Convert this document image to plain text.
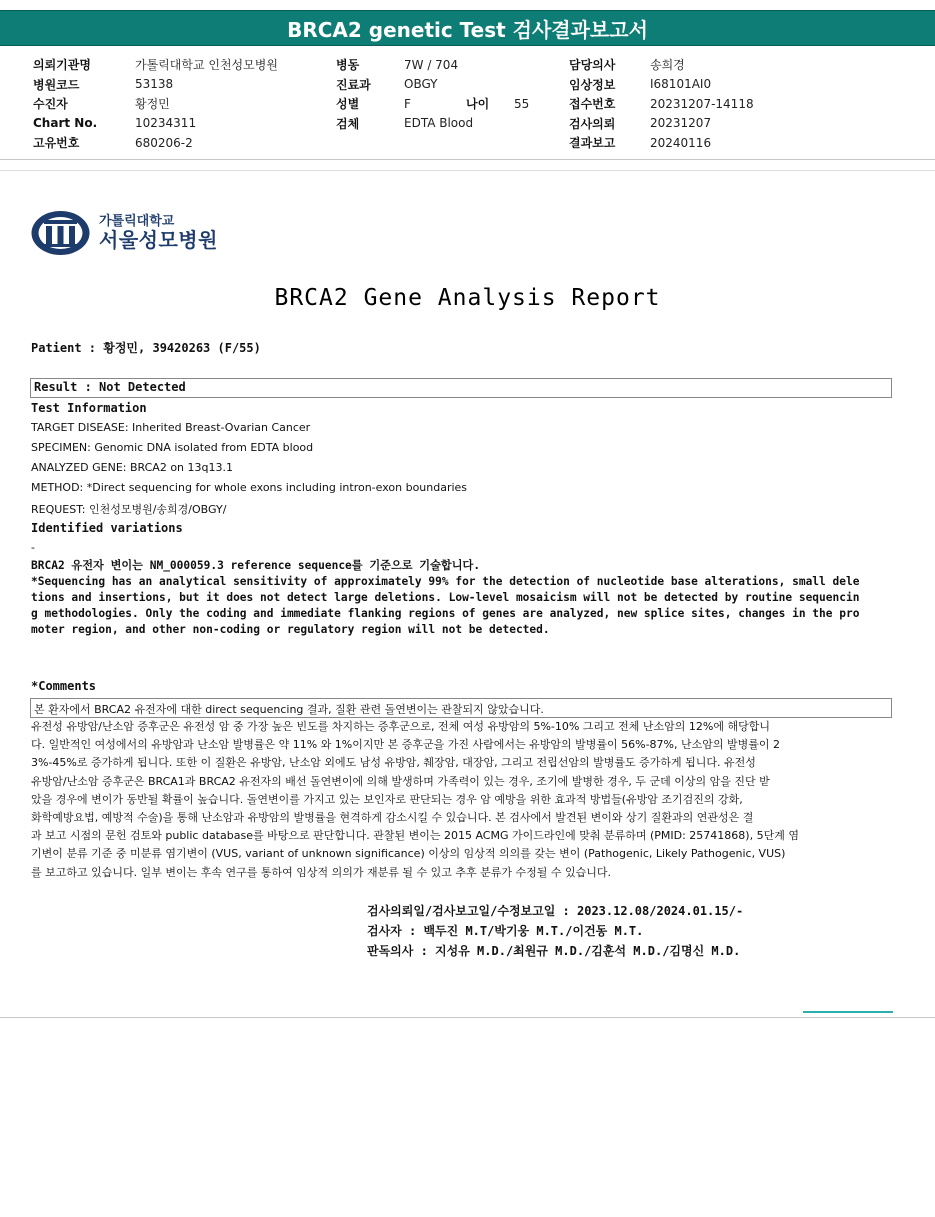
BRCA2 genetic Test 검사결과보고서
의뢰기관명	가톨릭대학교 인천성모병원
병원코드	53138
수진자	황정민
Chart No.	10234311
고유번호	680206-2
병동	7W / 704
진료과	OBGY
성별	F	나이	55
검체	EDTA Blood
담당의사	송희경
임상정보	I68101AI0
접수번호	20231207-14118
검사의뢰	20231207
결과보고	20240116
가톨릭대학교
서울성모병원
BRCA2 Gene Analysis Report
Patient : 황정민, 39420263 (F/55)
Result : Not Detected
Test Information
TARGET DISEASE: Inherited Breast-Ovarian Cancer
SPECIMEN: Genomic DNA isolated from EDTA blood
ANALYZED GENE: BRCA2 on 13q13.1
METHOD: *Direct sequencing for whole exons including intron-exon boundaries
REQUEST: 인천성모병원/송희경/OBGY/
Identified variations
-
BRCA2 유전자 변이는 NM_000059.3 reference sequence를 기준으로 기술합니다.
*Sequencing has an analytical sensitivity of approximately 99% for the detection of nucleotide base alterations, small dele
tions and insertions, but it does not detect large deletions. Low-level mosaicism will not be detected by routine sequencin
g methodologies. Only the coding and immediate flanking regions of genes are analyzed, new splice sites, changes in the pro
moter region, and other non-coding or regulatory region will not be detected.
*Comments
본 환자에서 BRCA2 유전자에 대한 direct sequencing 결과, 질환 관련 돌연변이는 관찰되지 않았습니다.
유전성 유방암/난소암 증후군은 유전성 암 중 가장 높은 빈도를 차지하는 증후군으로, 전체 여성 유방암의 5%-10% 그리고 전체 난소암의 12%에 해당합니
다. 일반적인 여성에서의 유방암과 난소암 발병률은 약 11% 와 1%이지만 본 증후군을 가진 사람에서는 유방암의 발병률이 56%-87%, 난소암의 발병률이 2
3%-45%로 증가하게 됩니다. 또한 이 질환은 유방암, 난소암 외에도 남성 유방암, 췌장암, 대장암, 그리고 전립선암의 발병률도 증가하게 됩니다. 유전성
유방암/난소암 증후군은 BRCA1과 BRCA2 유전자의 배선 돌연변이에 의해 발생하며 가족력이 있는 경우, 조기에 발병한 경우, 두 군데 이상의 암을 진단 받
았을 경우에 변이가 동반될 확률이 높습니다. 돌연변이를 가지고 있는 보인자로 판단되는 경우 암 예방을 위한 효과적 방법들(유방암 조기검진의 강화,
화학예방요법, 예방적 수술)을 통해 난소암과 유방암의 발병률을 현격하게 감소시킬 수 있습니다. 본 검사에서 발견된 변이와 상기 질환과의 연관성은 결
과 보고 시점의 문헌 검토와 public database를 바탕으로 판단합니다. 관찰된 변이는 2015 ACMG 가이드라인에 맞춰 분류하며 (PMID: 25741868), 5단계 염
기변이 분류 기준 중 미분류 염기변이 (VUS, variant of unknown significance) 이상의 임상적 의의를 갖는 변이 (Pathogenic, Likely Pathogenic, VUS)
를 보고하고 있습니다. 일부 변이는 후속 연구를 통하여 임상적 의의가 재분류 될 수 있고 추후 분류가 수정될 수 있습니다.
검사의뢰일/검사보고일/수정보고일 : 2023.12.08/2024.01.15/-
검사자 : 백두진 M.T/박기웅 M.T./이건동 M.T.
판독의사 : 지성유 M.D./최원규 M.D./김훈석 M.D./김명신 M.D.
